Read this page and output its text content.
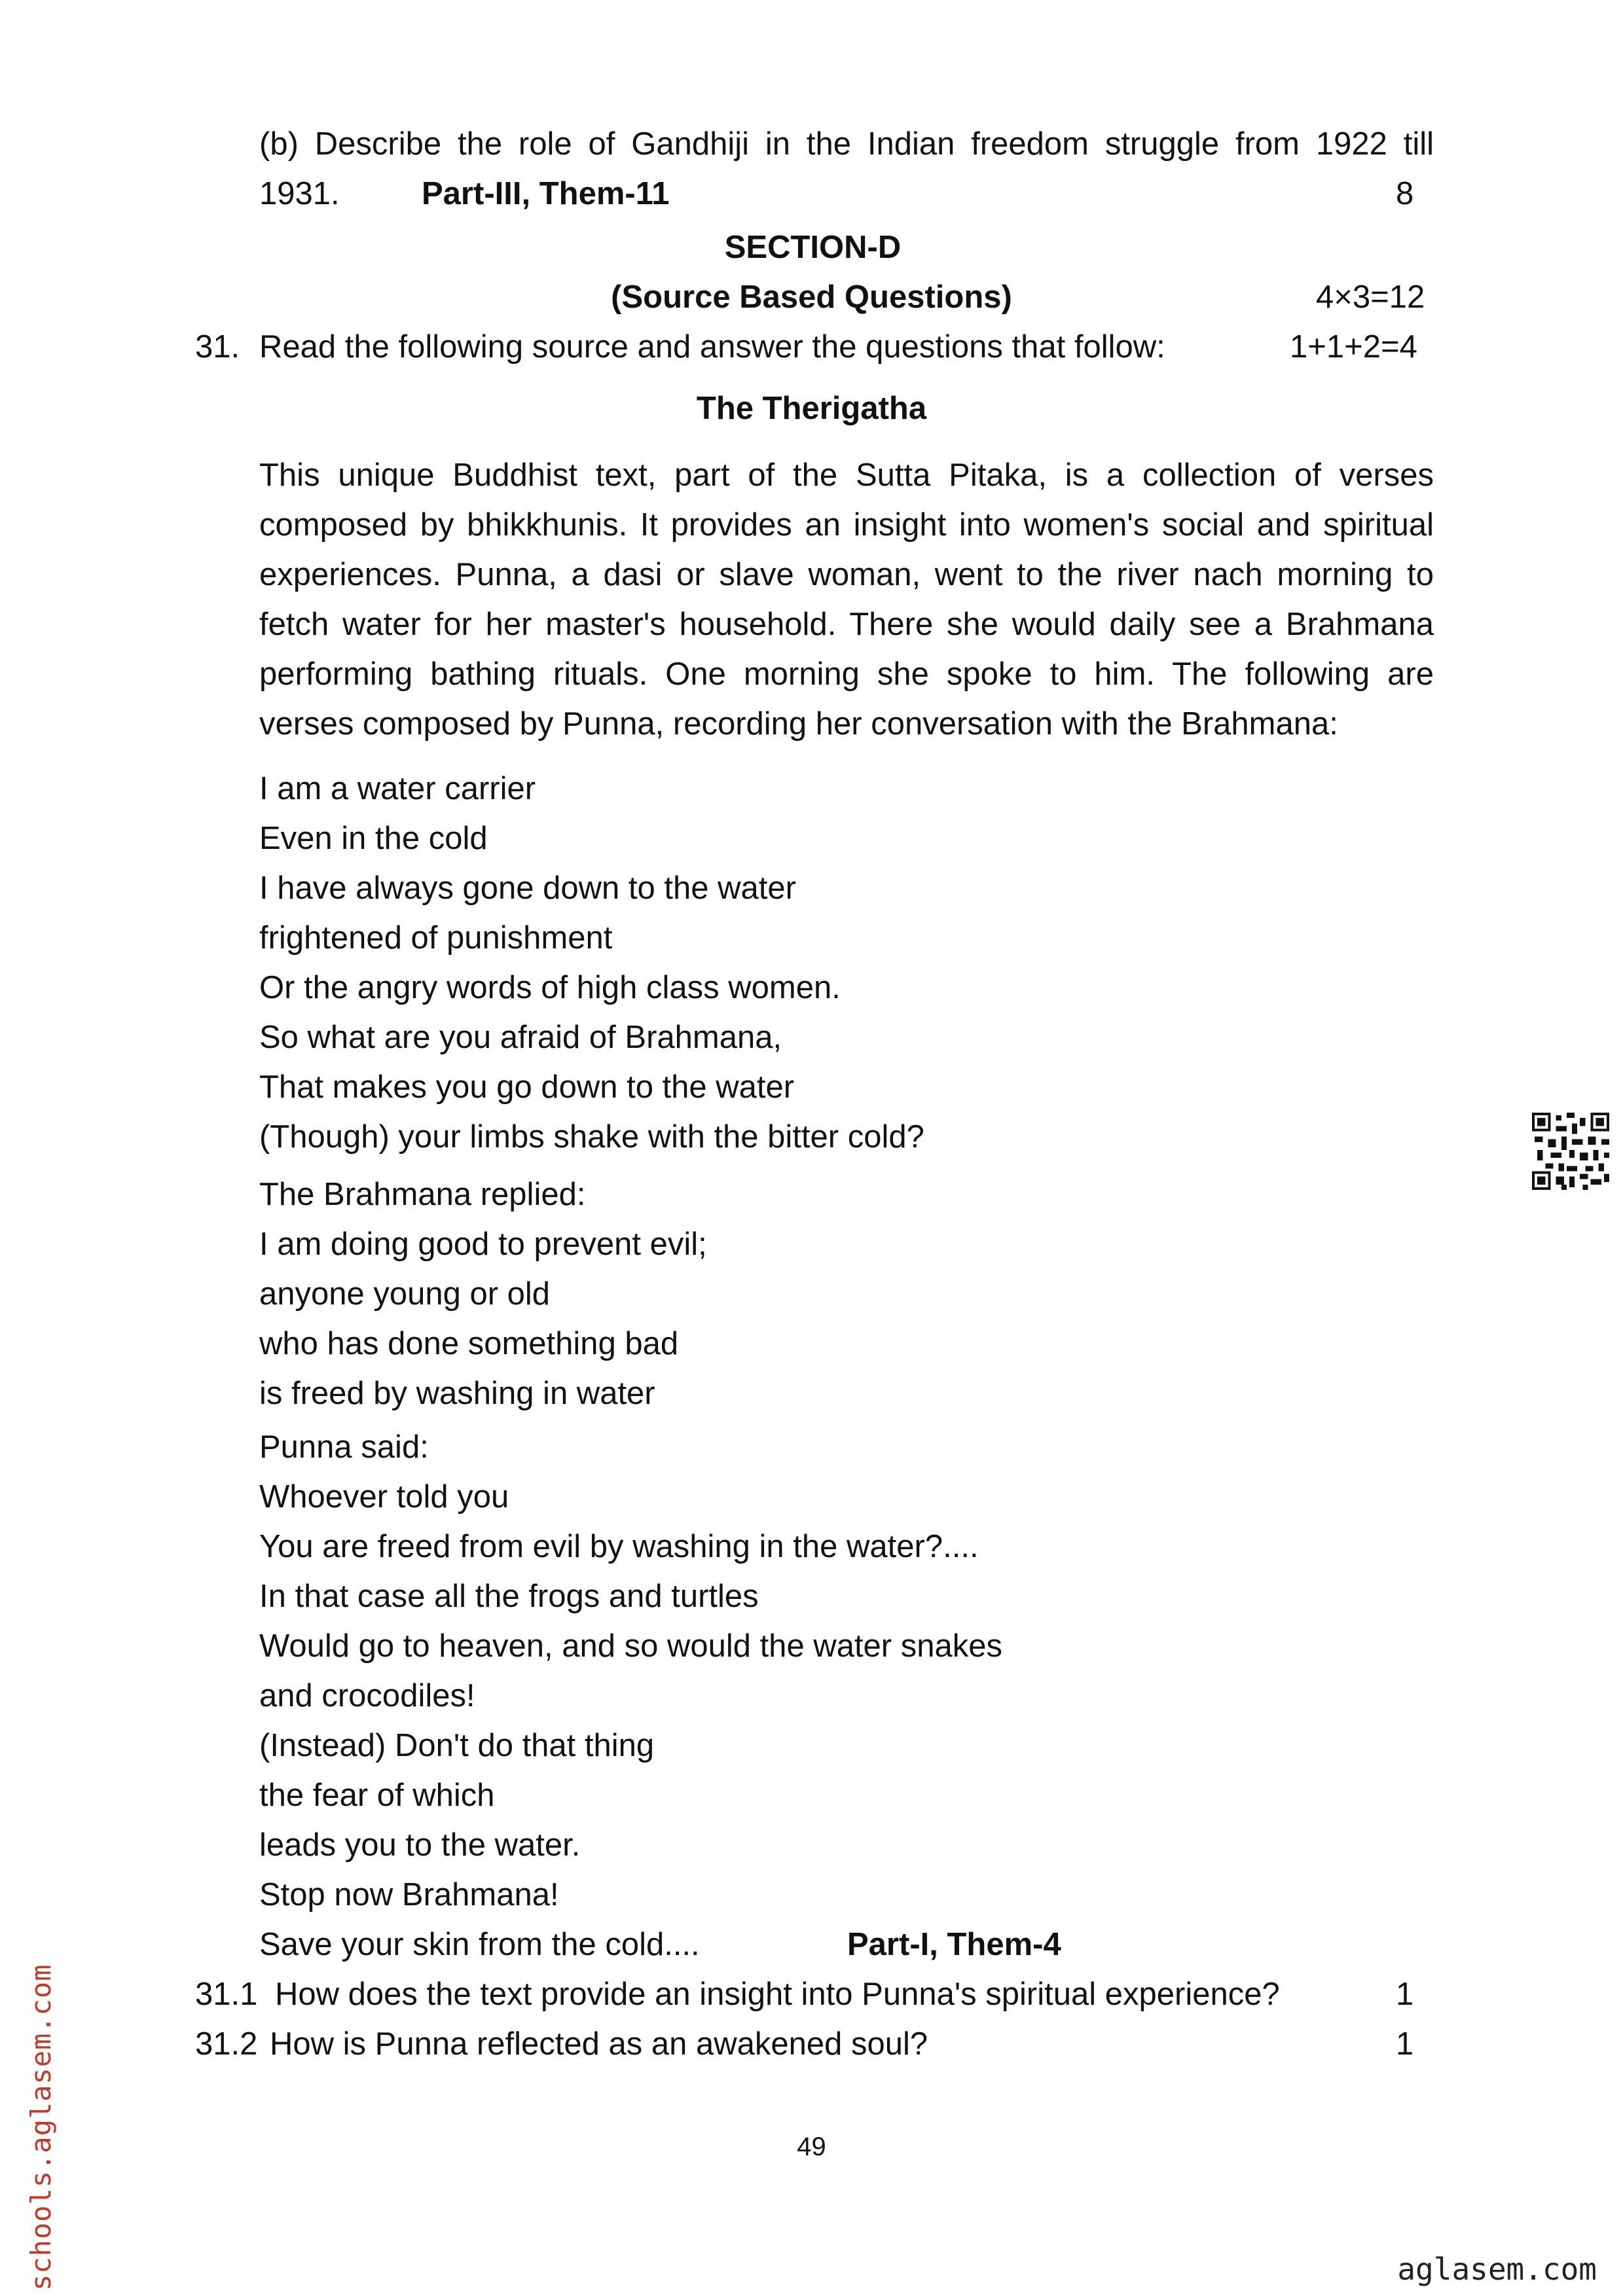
(b) Describe the role of Gandhiji in the Indian freedom struggle from 1922 till
1931.	Part-III, Them-11	8
SECTION-D
(Source Based Questions)	4×3=12
31. Read the following source and answer the questions that follow:	1+1+2=4
The Therigatha
This unique Buddhist text, part of the Sutta Pitaka, is a collection of verses
composed by bhikkhunis. It provides an insight into women's social and spiritual
experiences. Punna, a dasi or slave woman, went to the river nach morning to
fetch water for her master's household. There she would daily see a Brahmana
performing bathing rituals. One morning she spoke to him. The following are
verses composed by Punna, recording her conversation with the Brahmana:
I am a water carrier
Even in the cold
I have always gone down to the water
frightened of punishment
Or the angry words of high class women.
So what are you afraid of Brahmana,
That makes you go down to the water
(Though) your limbs shake with the bitter cold?
The Brahmana replied:
I am doing good to prevent evil;
anyone young or old
who has done something bad
is freed by washing in water
Punna said:
Whoever told you
You are freed from evil by washing in the water?....
In that case all the frogs and turtles
Would go to heaven, and so would the water snakes
and crocodiles!
(Instead) Don't do that thing
the fear of which
leads you to the water.
Stop now Brahmana!
Save your skin from the cold....	Part-I, Them-4
31.1 How does the text provide an insight into Punna's spiritual experience?	1
31.2 How is Punna reflected as an awakened soul?	1
49
schools.aglasem.com	aglasem.com
